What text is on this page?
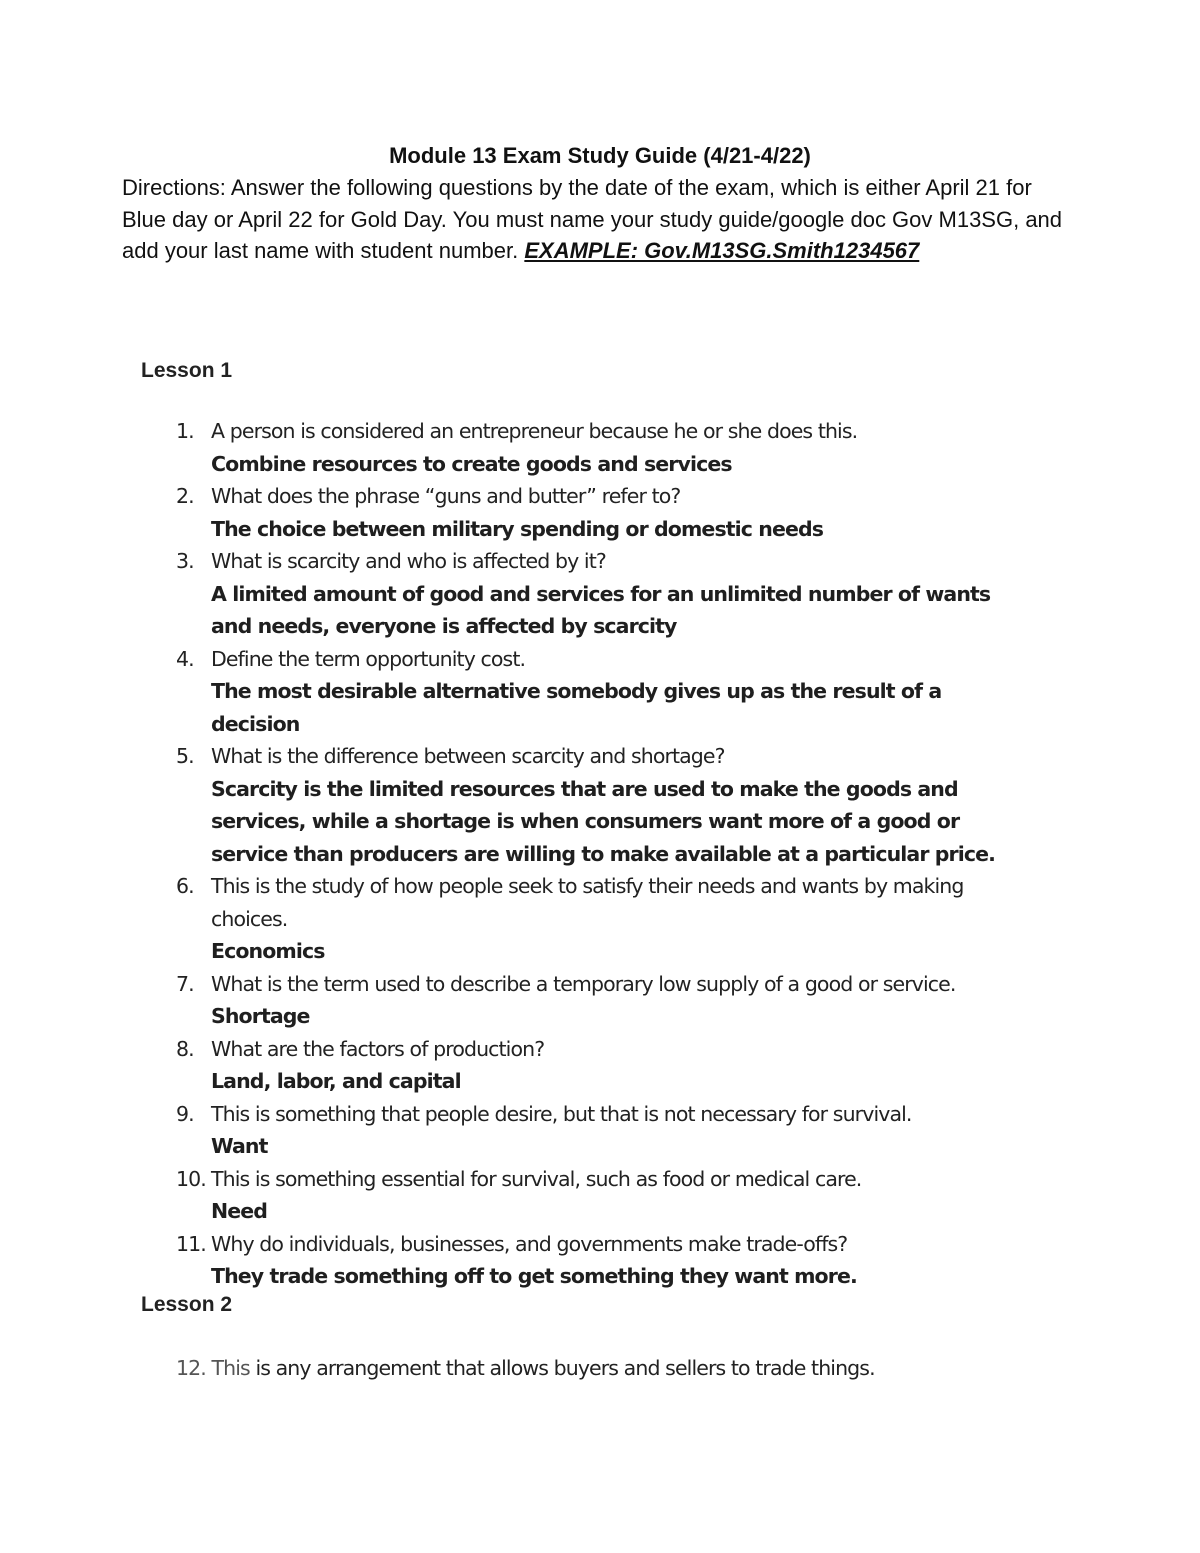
Module 13 Exam Study Guide (4/21-4/22)
Directions: Answer the following questions by the date of the exam, which is either April 21 for Blue day or April 22 for Gold Day. You must name your study guide/google doc Gov M13SG, and add your last name with student number. EXAMPLE: Gov.M13SG.Smith1234567
Lesson 1
1. A person is considered an entrepreneur because he or she does this.
Combine resources to create goods and services
2. What does the phrase “guns and butter” refer to?
The choice between military spending or domestic needs
3. What is scarcity and who is affected by it?
A limited amount of good and services for an unlimited number of wants and needs, everyone is affected by scarcity
4. Define the term opportunity cost.
The most desirable alternative somebody gives up as the result of a decision
5. What is the difference between scarcity and shortage?
Scarcity is the limited resources that are used to make the goods and services, while a shortage is when consumers want more of a good or service than producers are willing to make available at a particular price.
6. This is the study of how people seek to satisfy their needs and wants by making choices.
Economics
7. What is the term used to describe a temporary low supply of a good or service.
Shortage
8. What are the factors of production?
Land, labor, and capital
9. This is something that people desire, but that is not necessary for survival.
Want
10. This is something essential for survival, such as food or medical care.
Need
11. Why do individuals, businesses, and governments make trade-offs?
They trade something off to get something they want more.
Lesson 2
12. This is any arrangement that allows buyers and sellers to trade things.
